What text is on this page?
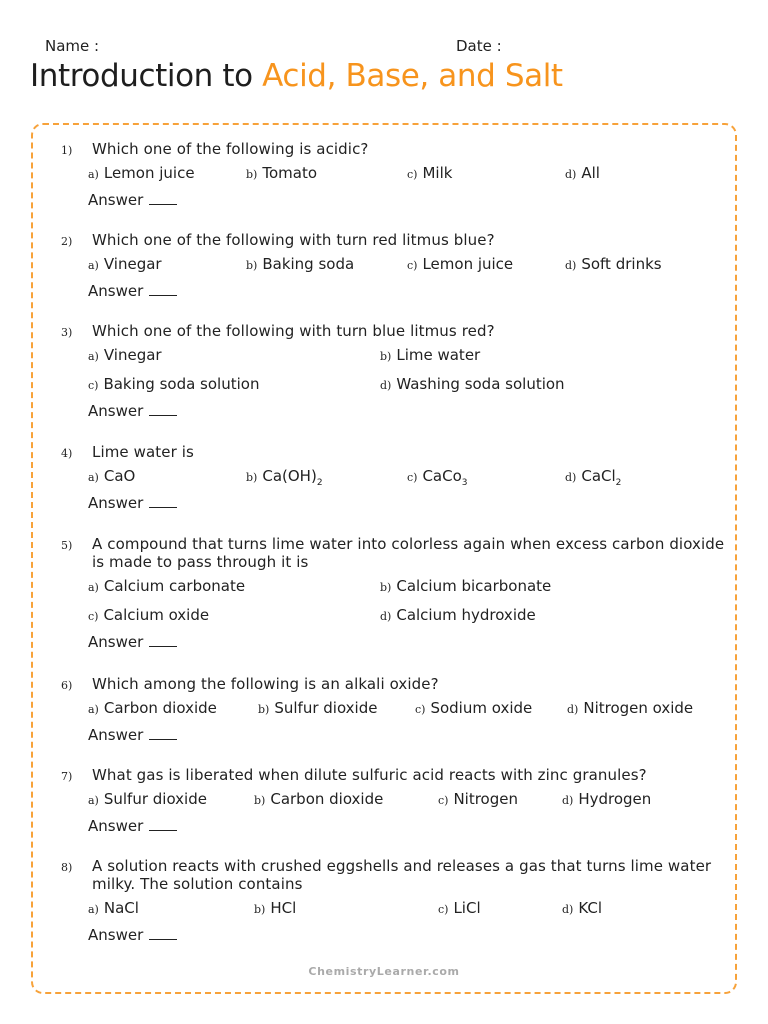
Name :	Date :
Introduction to Acid, Base, and Salt
1)	Which one of the following is acidic?
a) Lemon juice	b) Tomato	c) Milk	d) All
Answer
2)	Which one of the following with turn red litmus blue?
a) Vinegar	b) Baking soda	c) Lemon juice	d) Soft drinks
Answer
3)	Which one of the following with turn blue litmus red?
a) Vinegar	b) Lime water
c) Baking soda solution	d) Washing soda solution
Answer
4)	Lime water is
a) CaO	b) $Ca(OH)_2$	c) CaCo$_3$	d) CaCl$_2$
Answer
5)	A compound that turns lime water into colorless again when excess carbon dioxide is made to pass through it is
a) Calcium carbonate	b) Calcium bicarbonate
c) Calcium oxide	d) Calcium hydroxide
Answer
6)	Which among the following is an alkali oxide?
a) Carbon dioxide	b) Sulfur dioxide	c) Sodium oxide	d) Nitrogen oxide
Answer
7)	What gas is liberated when dilute sulfuric acid reacts with zinc granules?
a) Sulfur dioxide	b) Carbon dioxide	c) Nitrogen	d) Hydrogen
Answer
8)	A solution reacts with crushed eggshells and releases a gas that turns lime water milky. The solution contains
a) NaCl	b) HCl	c) LiCl	d) KCl
Answer
ChemistryLearner.com
